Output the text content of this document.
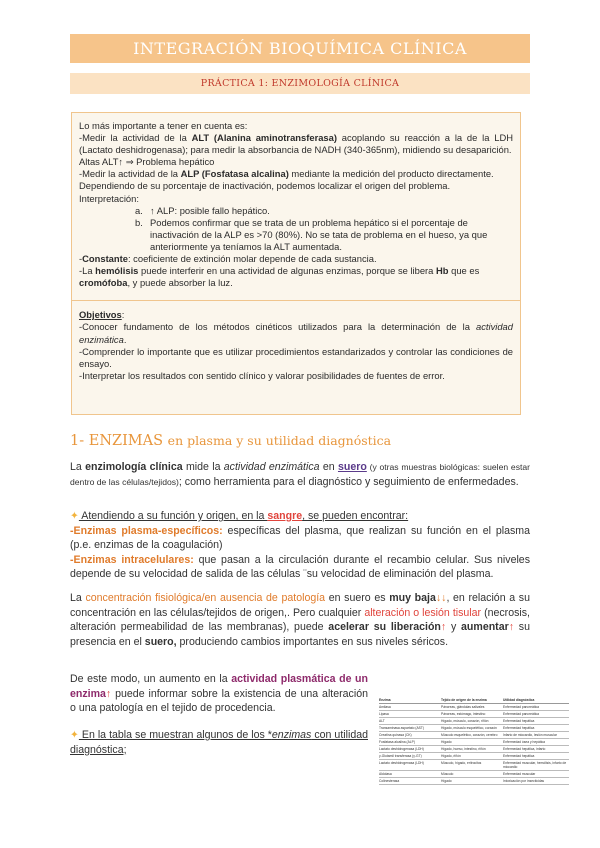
INTEGRACIÓN BIOQUÍMICA CLÍNICA
PRÁCTICA 1: ENZIMOLOGÍA CLÍNICA

Lo más importante a tener en cuenta es:

-Medir la actividad de la ALT (Alanina aminotransferasa) acoplando su reacción a la de la LDH (Lactato deshidrogenasa); para medir la absorbancia de NADH (340-365nm), midiendo su desaparición.

Altas ALT↑ ⇒ Problema hepático

-Medir la actividad de la ALP (Fosfatasa alcalina) mediante la medición del producto directamente.

Dependiendo de su porcentaje de inactivación, podemos localizar el origen del problema.

Interpretación:

a. ↑ ALP: posible fallo hepático.
b. Podemos confirmar que se trata de un problema hepático si el porcentaje de inactivación de la ALP es >70 (80%). No se tata de problema en el hueso, ya que anteriormente ya teníamos la ALT aumentada.

-Constante: coeficiente de extinción molar depende de cada sustancia.

-La hemólisis puede interferir en una actividad de algunas enzimas, porque se libera Hb que es cromófoba, y puede absorber la luz.

Objetivos:

-Conocer fundamento de los métodos cinéticos utilizados para la determinación de la actividad enzimática.

-Comprender lo importante que es utilizar procedimientos estandarizados y controlar las condiciones de ensayo.

-Interpretar los resultados con sentido clínico y valorar posibilidades de fuentes de error.

1- ENZIMAS en plasma y su utilidad diagnóstica

La enzimología clínica mide la actividad enzimática en suero (y otras muestras biológicas: suelen estar dentro de las células/tejidos); como herramienta para el diagnóstico y seguimiento de enfermedades.

✦ Atendiendo a su función y origen, en la sangre, se pueden encontrar:

-Enzimas plasma-específicos: específicas del plasma, que realizan su función en el plasma (p.e. enzimas de la coagulación)

-Enzimas intracelulares: que pasan a la circulación durante el recambio celular. Sus niveles depende de su velocidad de salida de las células ¨su velocidad de eliminación del plasma.

La concentración fisiológica/en ausencia de patología en suero es muy baja↓↓, en relación a su concentración en las células/tejidos de origen,. Pero cualquier alteración o lesión tisular (necrosis, alteración permeabilidad de las membranas), puede acelerar su liberación↑ y aumentar↑ su presencia en el suero, produciendo cambios importantes en sus niveles séricos.

De este modo, un aumento en la actividad plasmática de un enzima↑ puede informar sobre la existencia de una alteración o una patología en el tejido de procedencia.

✦ En la tabla se muestran algunos de los *enzimas con utilidad diagnóstica;

Enzima	Tejido de origen de la enzima	Utilidad diagnóstica
Amilasa	Páncreas, glándulas salivales	Enfermedad pancreática
Lipasa	Páncreas, estómago, intestino	Enfermedad pancreática
ALT	Hígado, músculo, corazón, riñón	Enfermedad hepática
Transaminasa aspartato (AST)	Hígado, músculo esquelético, corazón	Enfermedad hepática
Creatina quinasa (CK)	Músculo esquelético, corazón, cerebro	Infarto de miocardio, lesión muscular
Fosfatasa alcalina (ALP)	Hígado	Enfermedad ósea y hepática
Lactato deshidrogenasa (LDH)	Hígado, hueso, intestino, riñón	Enfermedad hepática, infarto
γ-Glutamil transferasa (γ-GT)	Hígado, riñón	Enfermedad hepática
Lactato deshidrogenasa (LDH)	Músculo, hígado, eritrocitos	Enfermedad muscular, hemólisis, infarto de miocardio
Aldolasa	Músculo	Enfermedad muscular
Colinesterasa	Hígado	Intoxicación por insecticidas
